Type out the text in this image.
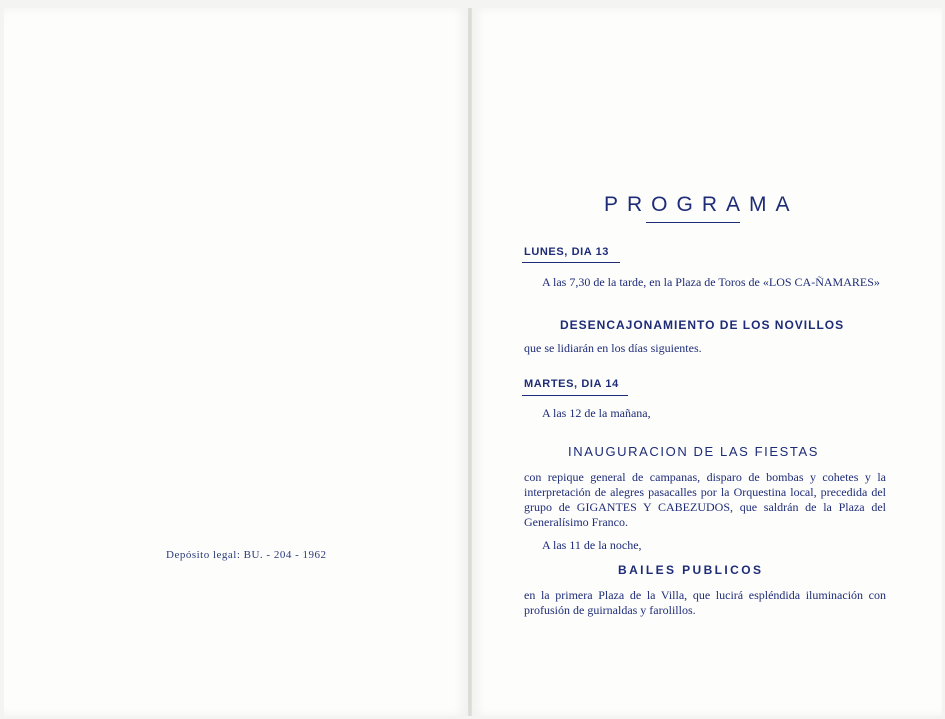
Depósito legal: BU. - 204 - 1962
PROGRAMA
LUNES, DIA 13
A las 7,30 de la tarde, en la Plaza de Toros de «LOS CA-ÑAMARES»
DESENCAJONAMIENTO DE LOS NOVILLOS
que se lidiarán en los días siguientes.
MARTES, DIA 14
A las 12 de la mañana,
INAUGURACION DE LAS FIESTAS
con repique general de campanas, disparo de bombas y cohetes y la interpretación de alegres pasacalles por la Orquestina local, precedida del grupo de GIGANTES Y CABEZUDOS, que saldrán de la Plaza del Generalísimo Franco.
A las 11 de la noche,
BAILES PUBLICOS
en la primera Plaza de la Villa, que lucirá espléndida iluminación con profusión de guirnaldas y farolillos.
